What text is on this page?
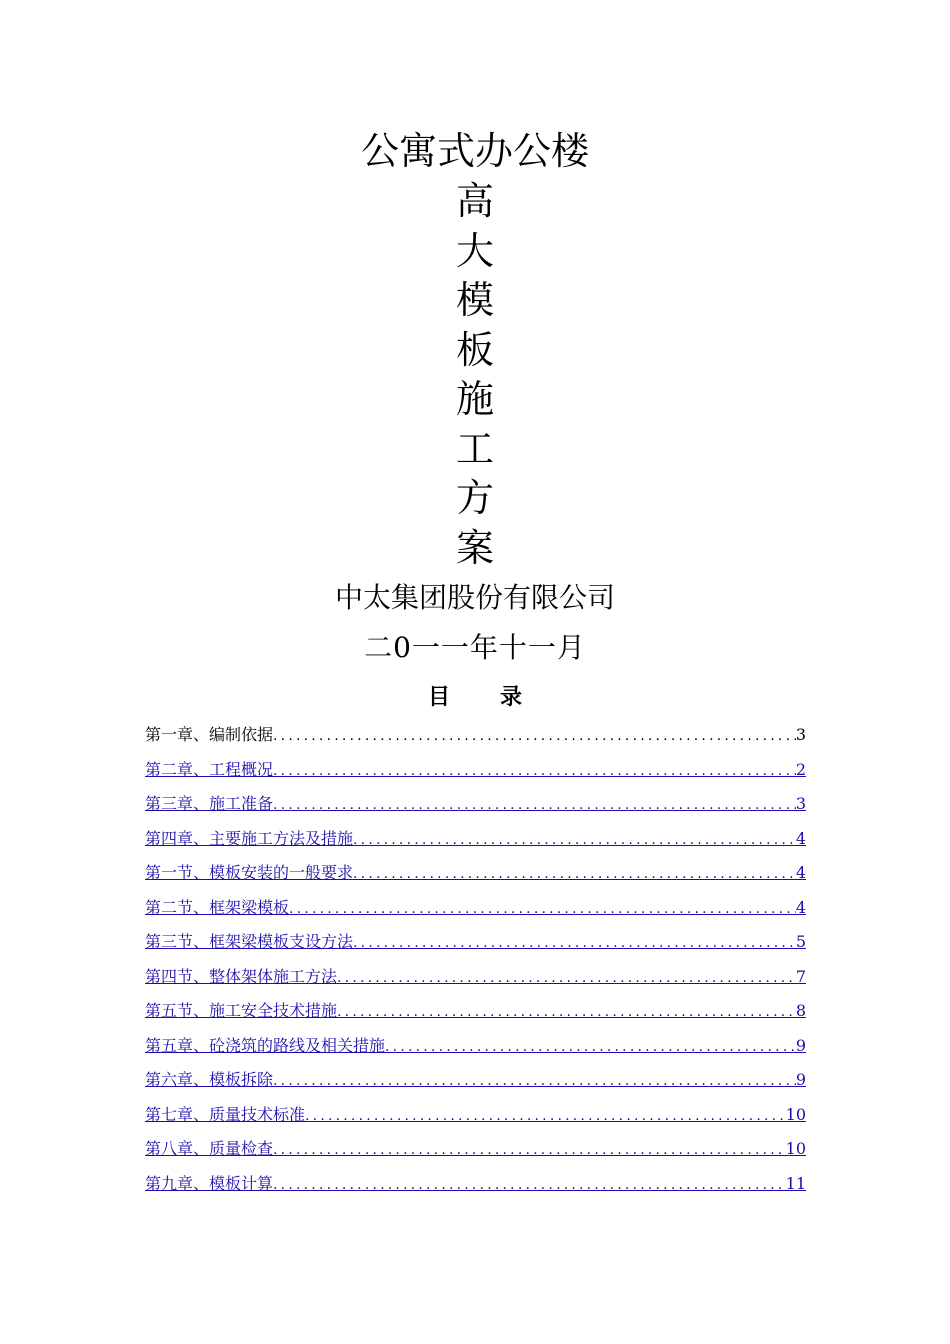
公寓式办公楼
高
大
模
板
施
工
方
案
中太集团股份有限公司
二0一一年十一月
目 录
第一章、编制依据 .....	3
第二章、工程概况 .....	2
第三章、施工准备 .....	3
第四章、主要施工方法及措施 .....	4
第一节、模板安装的一般要求 .....	4
第二节、框架梁模板 .....	4
第三节、框架梁模板支设方法 .....	5
第四节、整体架体施工方法 .....	7
第五节、施工安全技术措施 .....	8
第五章、砼浇筑的路线及相关措施 .....	9
第六章、模板拆除 .....	9
第七章、质量技术标准 .....	10
第八章、质量检查 .....	10
第九章、模板计算 .....	11
